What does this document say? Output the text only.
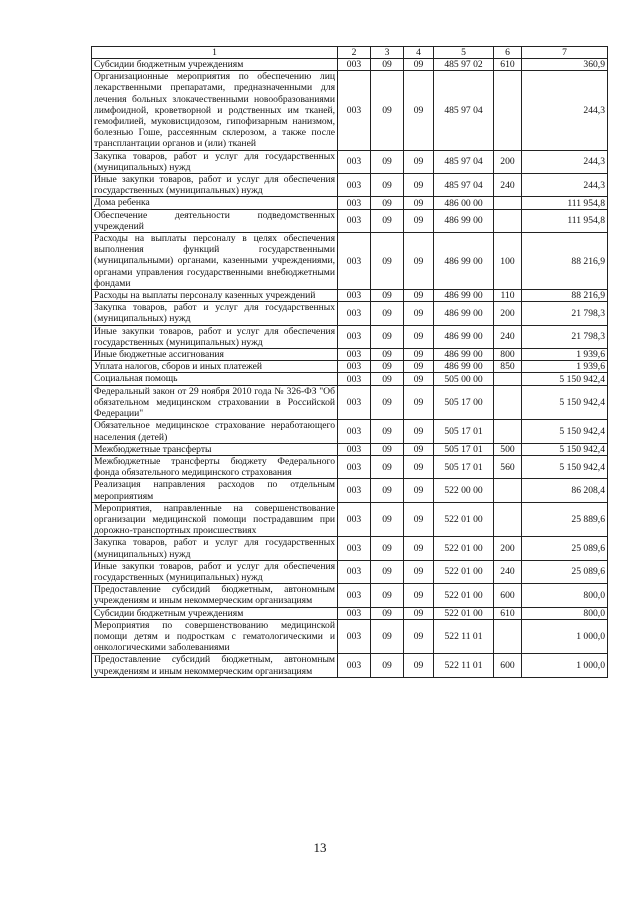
1	2	3	4	5	6	7
Субсидии бюджетным учреждениям	003	09	09	485 97 02	610	360,9
Организационные мероприятия по обеспечению лиц лекарственными препаратами, предназначенными для лечения больных злокачественными новообразованиями лимфоидной, кроветворной и родственных им тканей, гемофилией, муковисцидозом, гипофизарным нанизмом, болезнью Гоше, рассеянным склерозом, а также после трансплантации органов и (или) тканей	003	09	09	485 97 04		244,3
Закупка товаров, работ и услуг для государственных (муниципальных) нужд	003	09	09	485 97 04	200	244,3
Иные закупки товаров, работ и услуг для обеспечения государственных (муниципальных) нужд	003	09	09	485 97 04	240	244,3
Дома ребенка	003	09	09	486 00 00		111 954,8
Обеспечение деятельности подведомственных учреждений	003	09	09	486 99 00		111 954,8
Расходы на выплаты персоналу в целях обеспечения выполнения функций государственными (муниципальными) органами, казенными учреждениями, органами управления государственными внебюджетными фондами	003	09	09	486 99 00	100	88 216,9
Расходы на выплаты персоналу казенных учреждений	003	09	09	486 99 00	110	88 216,9
Закупка товаров, работ и услуг для государственных (муниципальных) нужд	003	09	09	486 99 00	200	21 798,3
Иные закупки товаров, работ и услуг для обеспечения государственных (муниципальных) нужд	003	09	09	486 99 00	240	21 798,3
Иные бюджетные ассигнования	003	09	09	486 99 00	800	1 939,6
Уплата налогов, сборов и иных платежей	003	09	09	486 99 00	850	1 939,6
Социальная помощь	003	09	09	505 00 00		5 150 942,4
Федеральный закон от 29 ноября 2010 года № 326-ФЗ "Об обязательном медицинском страховании в Российской Федерации"	003	09	09	505 17 00		5 150 942,4
Обязательное медицинское страхование неработающего населения (детей)	003	09	09	505 17 01		5 150 942,4
Межбюджетные трансферты	003	09	09	505 17 01	500	5 150 942,4
Межбюджетные трансферты бюджету Федерального фонда обязательного медицинского страхования	003	09	09	505 17 01	560	5 150 942,4
Реализация направления расходов по отдельным мероприятиям	003	09	09	522 00 00		86 208,4
Мероприятия, направленные на совершенствование организации медицинской помощи пострадавшим при дорожно-транспортных происшествиях	003	09	09	522 01 00		25 889,6
Закупка товаров, работ и услуг для государственных (муниципальных) нужд	003	09	09	522 01 00	200	25 089,6
Иные закупки товаров, работ и услуг для обеспечения государственных (муниципальных) нужд	003	09	09	522 01 00	240	25 089,6
Предоставление субсидий бюджетным, автономным учреждениям и иным некоммерческим организациям	003	09	09	522 01 00	600	800,0
Субсидии бюджетным учреждениям	003	09	09	522 01 00	610	800,0
Мероприятия по совершенствованию медицинской помощи детям и подросткам с гематологическими и онкологическими заболеваниями	003	09	09	522 11 01		1 000,0
Предоставление субсидий бюджетным, автономным учреждениям и иным некоммерческим организациям	003	09	09	522 11 01	600	1 000,0
13
